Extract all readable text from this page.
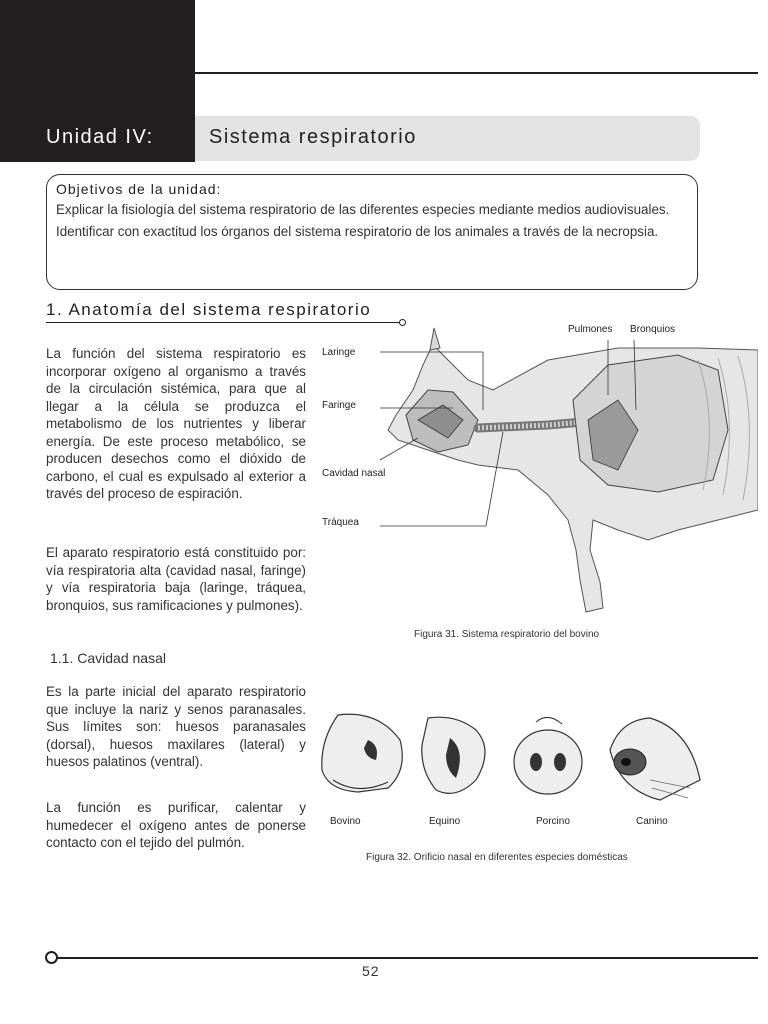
Unidad IV:	Sistema respiratorio
Objetivos de la unidad:

Explicar la fisiología del sistema respiratorio de las diferentes especies mediante medios audiovisuales.

Identificar con exactitud los órganos del sistema respiratorio de los animales a través de la necropsia.

1. Anatomía del sistema respiratorio

La función del sistema respiratorio es incorporar oxígeno al organismo a través de la circulación sistémica, para que al llegar a la célula se produzca el metabolismo de los nutrientes y liberar energía. De este proceso metabólico, se producen desechos como el dióxido de carbono, el cual es expulsado al exterior a través del proceso de espiración.

El aparato respiratorio está constituido por: vía respiratoria alta (cavidad nasal, faringe) y vía respiratoria baja (laringe, tráquea, bronquios, sus ramificaciones y pulmones).

1.1. Cavidad nasal

Es la parte inicial del aparato respiratorio que incluye la nariz y senos paranasales. Sus límites son: huesos paranasales (dorsal), huesos maxilares (lateral) y huesos palatinos (ventral).

La función es purificar, calentar y humedecer el oxígeno antes de ponerse contacto con el tejido del pulmón.

Laringe
Faringe
Cavidad nasal
Tráquea
Pulmones Bronquios
Figura 31. Sistema respiratorio del bovino
Bovino	Equino	Porcino	Canino
Figura 32. Orificio nasal en diferentes especies domésticas
52
